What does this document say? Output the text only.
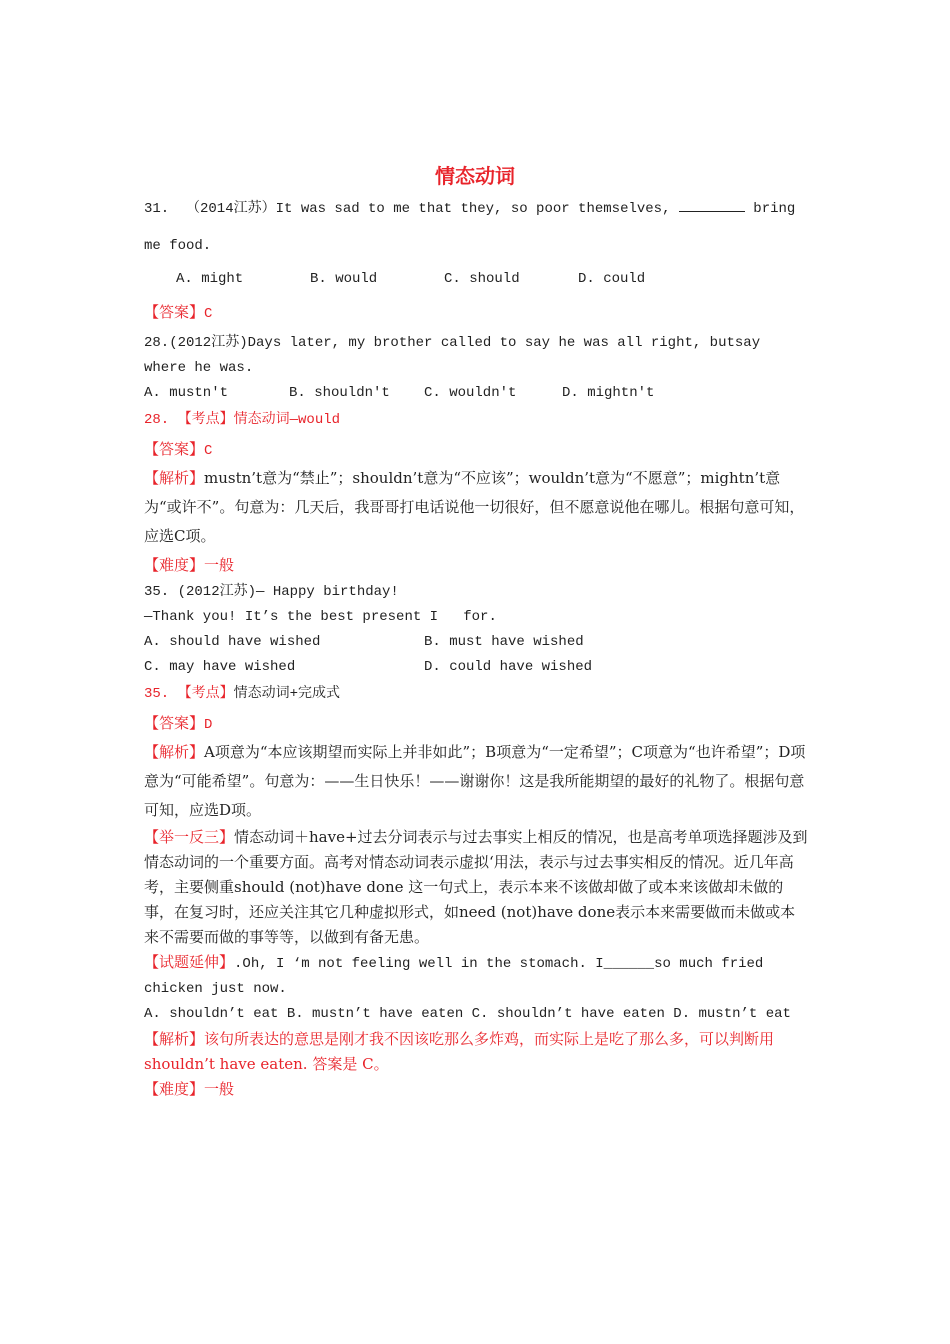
情态动词
31.  （2014江苏）It was sad to me that they, so poor themselves,	bring
me food.
A. might	B. would	C. should	D. could
【答案】C
28.(2012江苏)Days later, my brother called to say he was all right, butsay where he was.
A. mustn't	B. shouldn't	C. wouldn't	D. mightn't
28. 【考点】情态动词—would
【答案】C
【解析】mustn’t意为“禁止”；shouldn’t意为“不应该”；wouldn’t意为“不愿意”；mightn’t意为“或许不”。句意为：几天后，我哥哥打电话说他一切很好，但不愿意说他在哪儿。根据句意可知，应选C项。
【难度】一般
35. (2012江苏)— Happy birthday!
—Thank you! It’s the best present I   for.
A. should have wished	B. must have wished
C. may have wished	D. could have wished
35. 【考点】情态动词+完成式
【答案】D
【解析】A项意为“本应该期望而实际上并非如此”；B项意为“一定希望”；C项意为“也许希望”；D项意为“可能希望”。句意为：——生日快乐！——谢谢你！这是我所能期望的最好的礼物了。根据句意可知，应选D项。
【举一反三】情态动词＋have+过去分词表示与过去事实上相反的情况，也是高考单项选择题涉及到情态动词的一个重要方面。高考对情态动词表示虚拟‘用法，表示与过去事实相反的情况。近几年高考，主要侧重should (not)have done 这一句式上，表示本来不该做却做了或本来该做却未做的事，在复习时，还应关注其它几种虚拟形式，如need (not)have done表示本来需要做而未做或本来不需要而做的事等等，以做到有备无患。
【试题延伸】.Oh, I ‘m not feeling well in the stomach. I______so much fried chicken just now.
A. shouldn’t eat B. mustn’t have eaten C. shouldn’t have eaten D. mustn’t eat
【解析】该句所表达的意思是刚才我不因该吃那么多炸鸡，而实际上是吃了那么多，可以判断用shouldn’t have eaten. 答案是 C。
【难度】一般
